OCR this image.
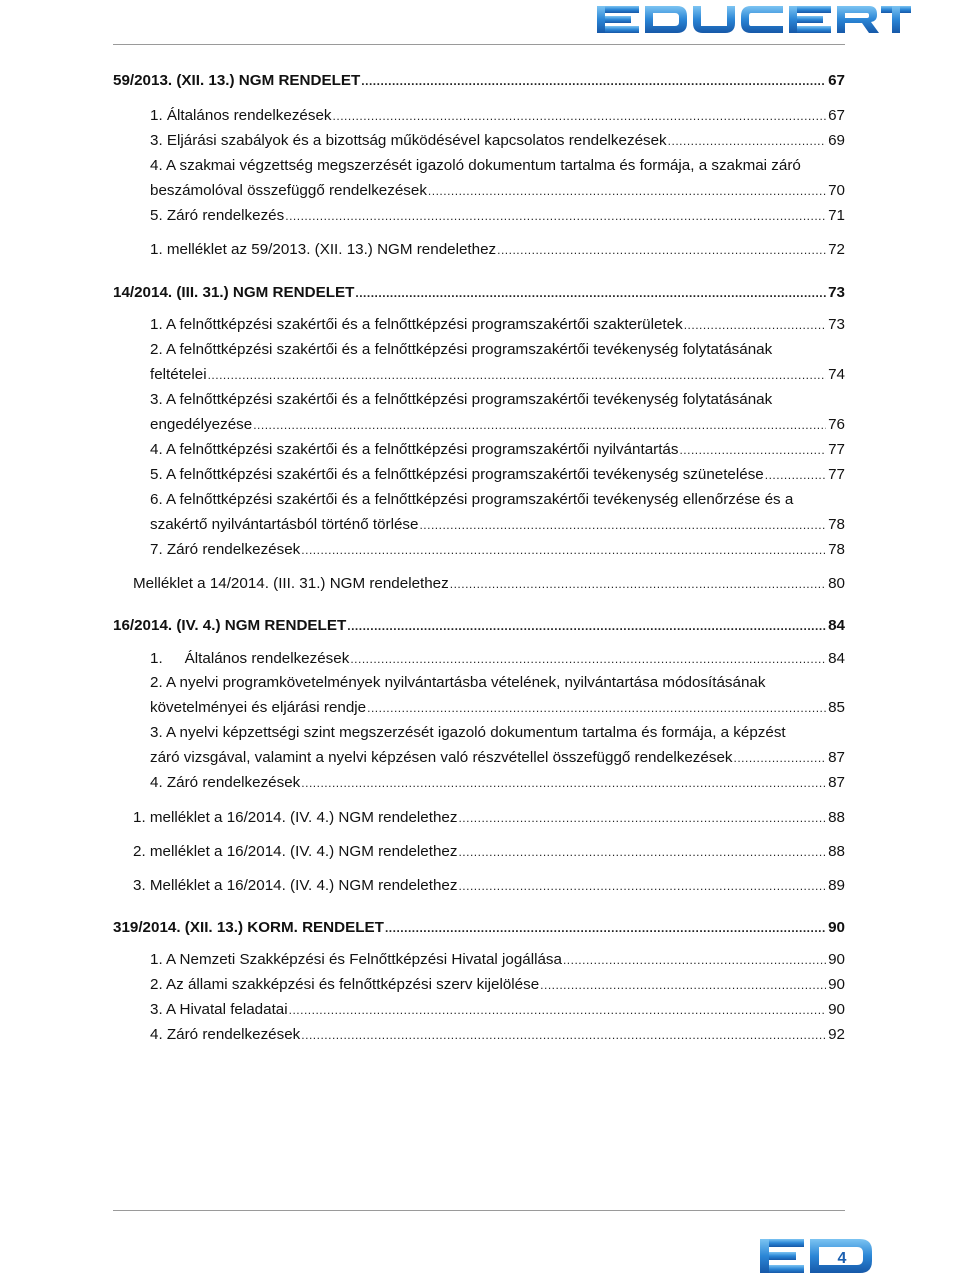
59/2013. (XII. 13.) NGM RENDELET .....	67
1. Általános rendelkezések .....	67
3. Eljárási szabályok és a bizottság működésével kapcsolatos rendelkezések .....	69
4. A szakmai végzettség megszerzését igazoló dokumentum tartalma és formája, a szakmai záró
beszámolóval összefüggő rendelkezések .....	70
5. Záró rendelkezés .....	71
1. melléklet az 59/2013. (XII. 13.) NGM rendelethez .....	72
14/2014. (III. 31.) NGM RENDELET .....	73
1. A felnőttképzési szakértői és a felnőttképzési programszakértői szakterületek .....	73
2. A felnőttképzési szakértői és a felnőttképzési programszakértői tevékenység folytatásának
feltételei .....	74
3. A felnőttképzési szakértői és a felnőttképzési programszakértői tevékenység folytatásának
engedélyezése .....	76
4. A felnőttképzési szakértői és a felnőttképzési programszakértői nyilvántartás .....	77
5. A felnőttképzési szakértői és a felnőttképzési programszakértői tevékenység szünetelése .....	77
6. A felnőttképzési szakértői és a felnőttképzési programszakértői tevékenység ellenőrzése és a
szakértő nyilvántartásból történő törlése .....	78
7. Záró rendelkezések .....	78
Melléklet a 14/2014. (III. 31.) NGM rendelethez .....	80
16/2014. (IV. 4.) NGM RENDELET .....	84
1. Általános rendelkezések .....	84
2. A nyelvi programkövetelmények nyilvántartásba vételének, nyilvántartása módosításának
követelményei és eljárási rendje .....	85
3. A nyelvi képzettségi szint megszerzését igazoló dokumentum tartalma és formája, a képzést
záró vizsgával, valamint a nyelvi képzésen való részvétellel összefüggő rendelkezések .....	87
4. Záró rendelkezések .....	87
1. melléklet a 16/2014. (IV. 4.) NGM rendelethez .....	88
2. melléklet a 16/2014. (IV. 4.) NGM rendelethez .....	88
3. Melléklet a 16/2014. (IV. 4.) NGM rendelethez .....	89
319/2014. (XII. 13.) KORM. RENDELET .....	90
1. A Nemzeti Szakképzési és Felnőttképzési Hivatal jogállása .....	90
2. Az állami szakképzési és felnőttképzési szerv kijelölése .....	90
3. A Hivatal feladatai .....	90
4. Záró rendelkezések .....	92
4
